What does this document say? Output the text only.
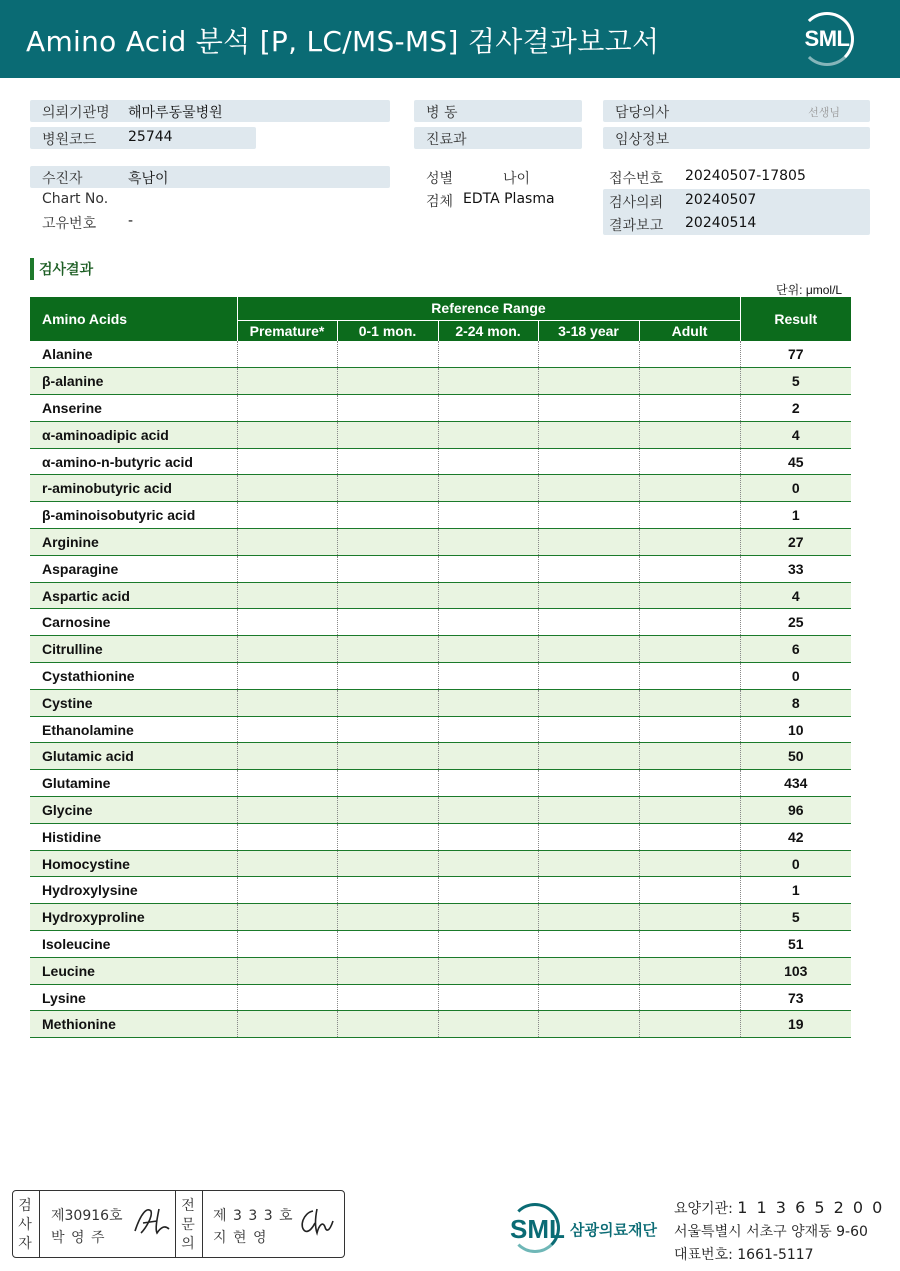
Amino Acid 분석 [P, LC/MS-MS] 검사결과보고서	SML
의뢰기관명 해마루동물병원
병원코드 25744
수진자	흑남이
Chart No.
고유번호 -
병 동
진료과
성별	나이
검체 EDTA Plasma
담당의사	선생님
임상정보
접수번호 20240507-17805
검사의뢰 20240507
결과보고 20240514
검사결과
단위: μmol/L
Amino Acids	Reference Range					Result
	Premature*	0-1 mon.	2-24 mon.	3-18 year	Adult	
Alanine						77
β-alanine						5
Anserine						2
α-aminoadipic acid						4
α-amino-n-butyric acid						45
r-aminobutyric acid						0
β-aminoisobutyric acid						1
Arginine						27
Asparagine						33
Aspartic acid						4
Carnosine						25
Citrulline						6
Cystathionine						0
Cystine						8
Ethanolamine						10
Glutamic acid						50
Glutamine						434
Glycine						96
Histidine						42
Homocystine						0
Hydroxylysine						1
Hydroxyproline						5
Isoleucine						51
Leucine						103
Lysine						73
Methionine						19
검
사
자
제30916호
박 영 주
전
문
의
제 3 3 3 호
지 현 영	SML 삼광의료재단
요양기관: 1 1 3 6 5 2 0 0
서울특별시 서초구 양재동 9-60
대표번호: 1661-5117
